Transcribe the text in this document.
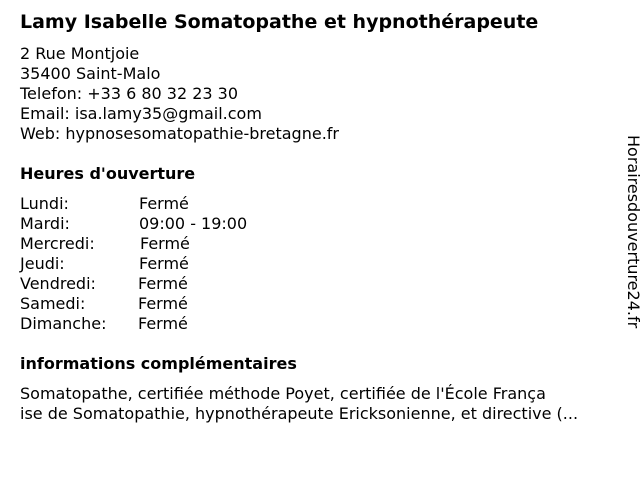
Lamy Isabelle Somatopathe et hypnothérapeute
2 Rue Montjoie
35400 Saint-Malo
Telefon: +33 6 80 32 23 30
Email: isa.lamy35@gmail.com
Web: hypnosesomatopathie-bretagne.fr
Heures d'ouverture
Lundi:	Fermé
Mardi:	09:00 - 19:00
Mercredi:	Fermé
Jeudi:	Fermé
Vendredi:	Fermé
Samedi:	Fermé
Dimanche: Fermé
informations complémentaires
Somatopathe, certifiée méthode Poyet, certifiée de l'École França
ise de Somatopathie, hypnothérapeute Ericksonienne, et directive (...
Horairesdouverture24.fr
